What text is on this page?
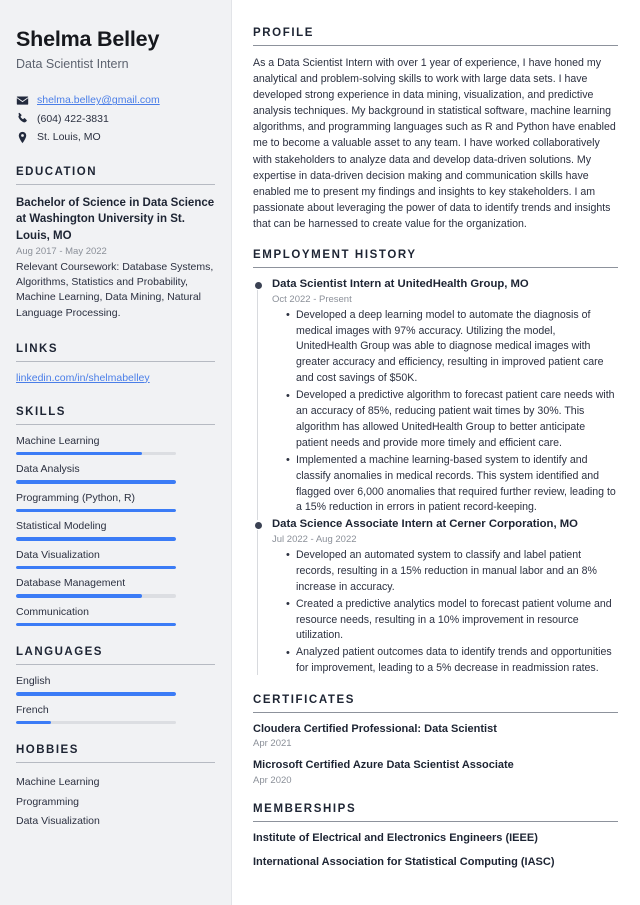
Shelma Belley
Data Scientist Intern
shelma.belley@gmail.com
(604) 422-3831
St. Louis, MO
EDUCATION
Bachelor of Science in Data Science at Washington University in St. Louis, MO
Aug 2017 - May 2022
Relevant Coursework: Database Systems, Algorithms, Statistics and Probability, Machine Learning, Data Mining, Natural Language Processing.
LINKS
linkedin.com/in/shelmabelley
SKILLS
Machine Learning
Data Analysis
Programming (Python, R)
Statistical Modeling
Data Visualization
Database Management
Communication
LANGUAGES
English
French
HOBBIES
Machine Learning
Programming
Data Visualization
PROFILE

As a Data Scientist Intern with over 1 year of experience, I have honed my analytical and problem-solving skills to work with large data sets. I have developed strong experience in data mining, visualization, and predictive analysis techniques. My background in statistical software, machine learning algorithms, and programming languages such as R and Python have enabled me to become a valuable asset to any team. I have worked collaboratively with stakeholders to analyze data and develop data-driven solutions. My expertise in data-driven decision making and communication skills have enabled me to present my findings and insights to key stakeholders. I am passionate about leveraging the power of data to identify trends and insights that can be harnessed to create value for the organization.

EMPLOYMENT HISTORY
Data Scientist Intern at UnitedHealth Group, MO
Oct 2022 - Present
• Developed a deep learning model to automate the diagnosis of medical images with 97% accuracy. Utilizing the model, UnitedHealth Group was able to diagnose medical images with greater accuracy and efficiency, resulting in improved patient care and cost savings of $50K.
• Developed a predictive algorithm to forecast patient care needs with an accuracy of 85%, reducing patient wait times by 30%. This algorithm has allowed UnitedHealth Group to better anticipate patient needs and provide more timely and efficient care.
• Implemented a machine learning-based system to identify and classify anomalies in medical records. This system identified and flagged over 6,000 anomalies that required further review, leading to a 15% reduction in errors in patient record-keeping.
Data Science Associate Intern at Cerner Corporation, MO
Jul 2022 - Aug 2022
• Developed an automated system to classify and label patient records, resulting in a 15% reduction in manual labor and an 8% increase in accuracy.
• Created a predictive analytics model to forecast patient volume and resource needs, resulting in a 10% improvement in resource utilization.
• Analyzed patient outcomes data to identify trends and opportunities for improvement, leading to a 5% decrease in readmission rates.
CERTIFICATES
Cloudera Certified Professional: Data Scientist
Apr 2021
Microsoft Certified Azure Data Scientist Associate
Apr 2020
MEMBERSHIPS
Institute of Electrical and Electronics Engineers (IEEE)
International Association for Statistical Computing (IASC)
